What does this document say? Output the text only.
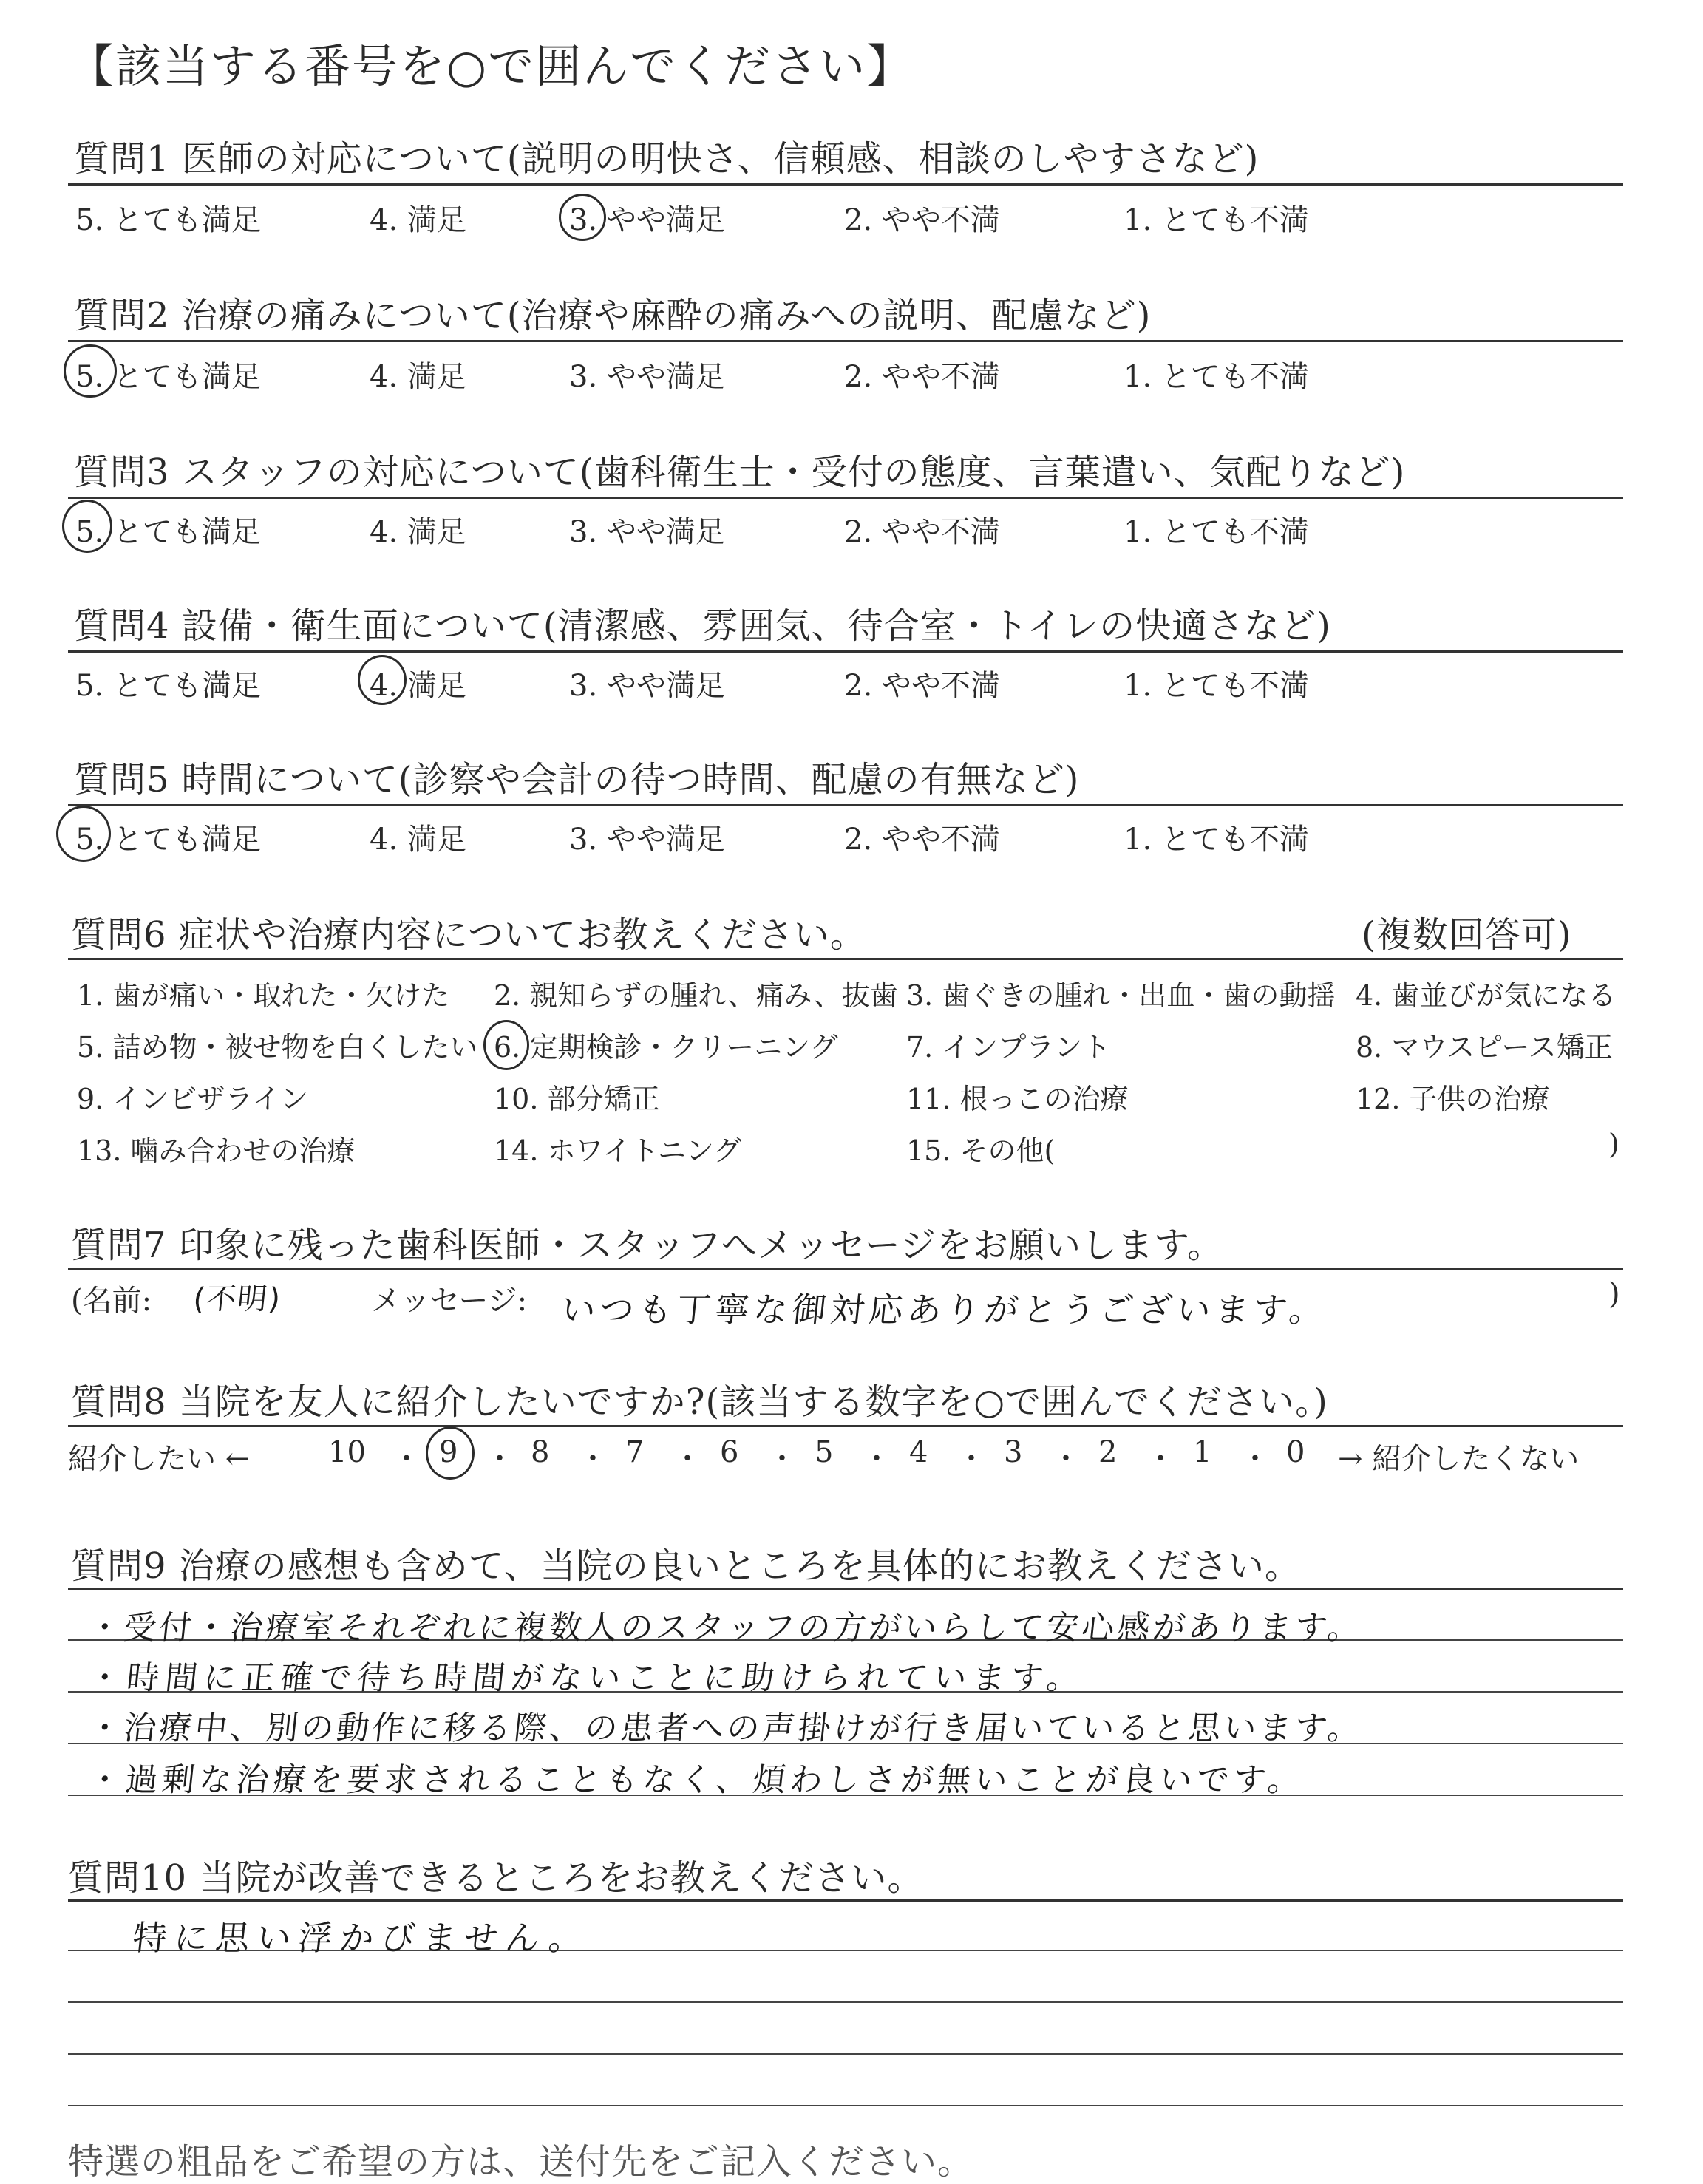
【該当する番号を○で囲んでください】
質問1 医師の対応について(説明の明快さ、信頼感、相談のしやすさなど)
5. とても満足	4. 満足	3. やや満足	2. やや不満	1. とても不満
質問2 治療の痛みについて(治療や麻酔の痛みへの説明、配慮など)
5. とても満足	4. 満足	3. やや満足	2. やや不満	1. とても不満
質問3 スタッフの対応について(歯科衛生士・受付の態度、言葉遣い、気配りなど)
5. とても満足	4. 満足	3. やや満足	2. やや不満	1. とても不満
質問4 設備・衛生面について(清潔感、雰囲気、待合室・トイレの快適さなど)
5. とても満足	4. 満足	3. やや満足	2. やや不満	1. とても不満
質問5 時間について(診察や会計の待つ時間、配慮の有無など)
5. とても満足	4. 満足	3. やや満足	2. やや不満	1. とても不満
質問6 症状や治療内容についてお教えください。	(複数回答可)
1. 歯が痛い・取れた・欠けた 2. 親知らずの腫れ、痛み、抜歯 3. 歯ぐきの腫れ・出血・歯の動揺 4. 歯並びが気になる
5. 詰め物・被せ物を白くしたい 6. 定期検診・クリーニング 7. インプラント	8. マウスピース矯正
9. インビザライン	10. 部分矯正	11. 根っこの治療	12. 子供の治療
13. 噛み合わせの治療	14. ホワイトニング	15. その他(	)
質問7 印象に残った歯科医師・スタッフへメッセージをお願いします。
(名前: (不明)	メッセージ: いつも丁寧な御対応ありがとうございます。	)
質問8 当院を友人に紹介したいですか?(該当する数字を○で囲んでください。)
紹介したい ←	10 ・ 9 ・ 8 ・ 7 ・ 6 ・ 5 ・ 4 ・ 3 ・ 2 ・ 1 ・ 0 → 紹介したくない
質問9 治療の感想も含めて、当院の良いところを具体的にお教えください。
・受付・治療室それぞれに複数人のスタッフの方がいらして安心感があります。
・時間に正確で待ち時間がないことに助けられています。
・治療中、別の動作に移る際、の患者への声掛けが行き届いていると思います。
・過剰な治療を要求されることもなく、煩わしさが無いことが良いです。
質問10 当院が改善できるところをお教えください。
特に思い浮かびません。
特選の粗品をご希望の方は、送付先をご記入ください。
